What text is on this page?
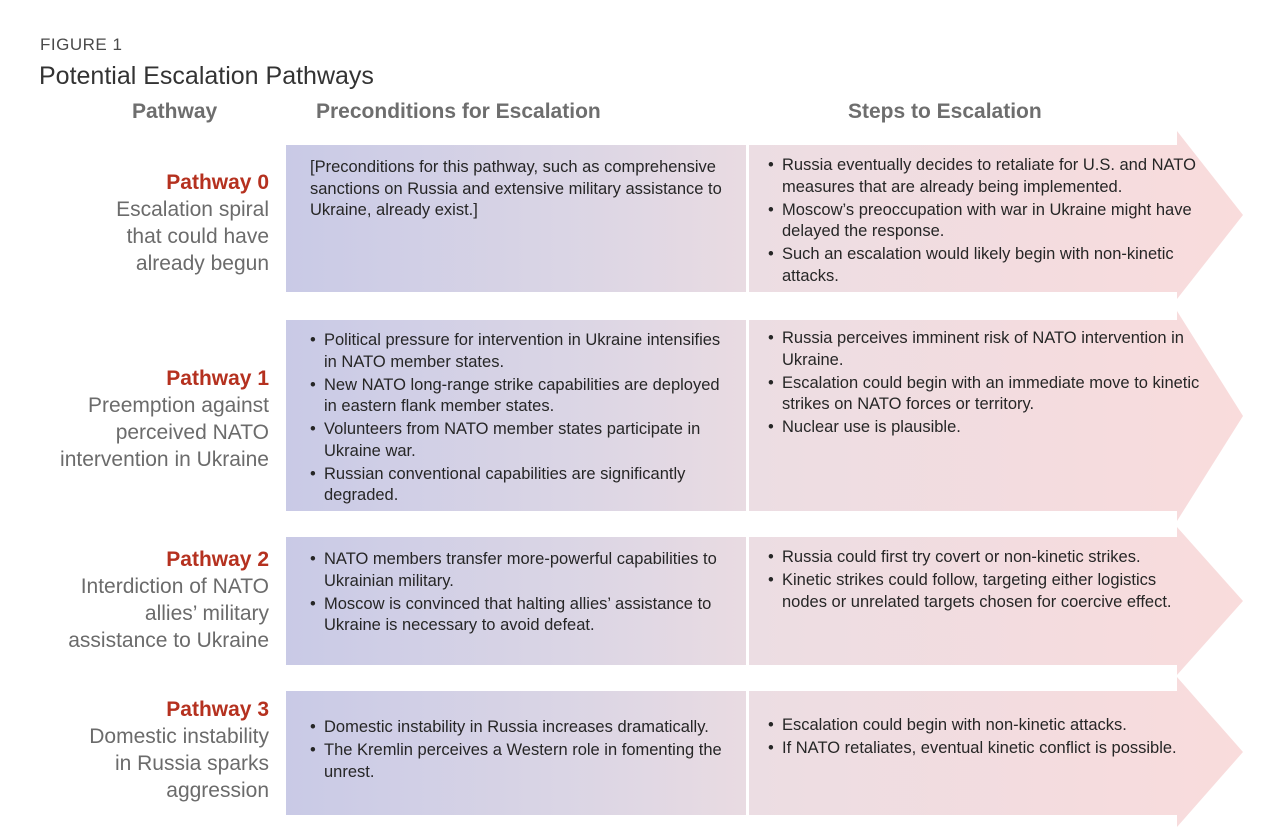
FIGURE 1
Potential Escalation Pathways
Pathway	Preconditions for Escalation	Steps to Escalation
Pathway 0
Escalation spiral
that could have
already begun

[Preconditions for this pathway, such as comprehensive sanctions on Russia and extensive military assistance to Ukraine, already exist.]

• Russia eventually decides to retaliate for U.S. and NATO measures that are already being implemented.
• Moscow’s preoccupation with war in Ukraine might have delayed the response.
• Such an escalation would likely begin with non-kinetic attacks.
Pathway 1
Preemption against
perceived NATO
intervention in Ukraine
• Political pressure for intervention in Ukraine intensifies in NATO member states.
• New NATO long-range strike capabilities are deployed in eastern flank member states.
• Volunteers from NATO member states participate in Ukraine war.
• Russian conventional capabilities are significantly degraded.
• Russia perceives imminent risk of NATO intervention in Ukraine.
• Escalation could begin with an immediate move to kinetic strikes on NATO forces or territory.
• Nuclear use is plausible.
Pathway 2
Interdiction of NATO
allies’ military
assistance to Ukraine
• NATO members transfer more-powerful capabilities to Ukrainian military.
• Moscow is convinced that halting allies’ assistance to Ukraine is necessary to avoid defeat.
• Russia could first try covert or non-kinetic strikes.
• Kinetic strikes could follow, targeting either logistics nodes or unrelated targets chosen for coercive effect.
Pathway 3
Domestic instability
in Russia sparks
aggression
• Domestic instability in Russia increases dramatically.
• The Kremlin perceives a Western role in fomenting the unrest.
• Escalation could begin with non-kinetic attacks.
• If NATO retaliates, eventual kinetic conflict is possible.
